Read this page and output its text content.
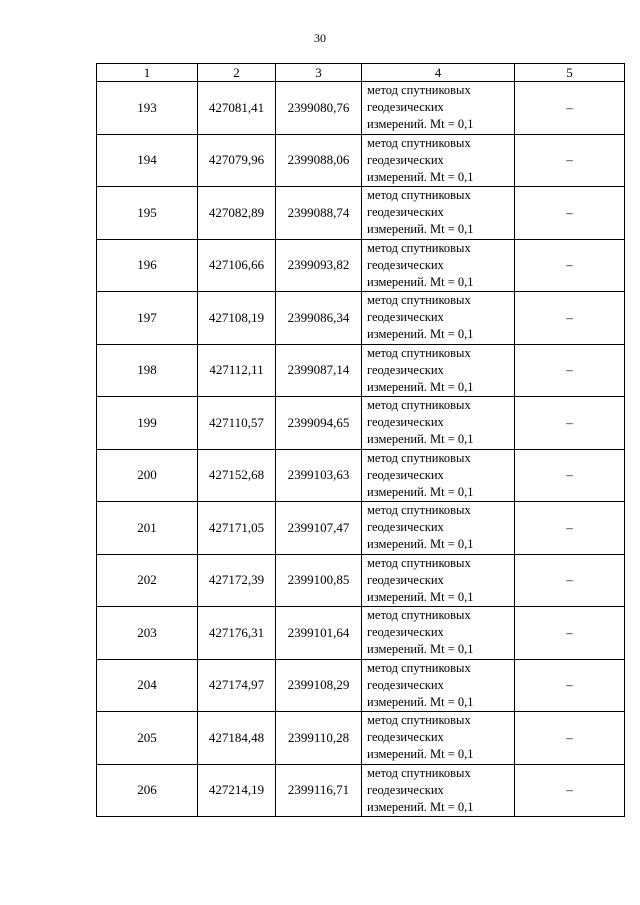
30
1	2	3	4	5
193	427081,41	2399080,76	метод спутниковых
геодезических
измерений. Mt = 0,1	–
194	427079,96	2399088,06	метод спутниковых
геодезических
измерений. Mt = 0,1	–
195	427082,89	2399088,74	метод спутниковых
геодезических
измерений. Mt = 0,1	–
196	427106,66	2399093,82	метод спутниковых
геодезических
измерений. Mt = 0,1	–
197	427108,19	2399086,34	метод спутниковых
геодезических
измерений. Mt = 0,1	–
198	427112,11	2399087,14	метод спутниковых
геодезических
измерений. Mt = 0,1	–
199	427110,57	2399094,65	метод спутниковых
геодезических
измерений. Mt = 0,1	–
200	427152,68	2399103,63	метод спутниковых
геодезических
измерений. Mt = 0,1	–
201	427171,05	2399107,47	метод спутниковых
геодезических
измерений. Mt = 0,1	–
202	427172,39	2399100,85	метод спутниковых
геодезических
измерений. Mt = 0,1	–
203	427176,31	2399101,64	метод спутниковых
геодезических
измерений. Mt = 0,1	–
204	427174,97	2399108,29	метод спутниковых
геодезических
измерений. Mt = 0,1	–
205	427184,48	2399110,28	метод спутниковых
геодезических
измерений. Mt = 0,1	–
206	427214,19	2399116,71	метод спутниковых
геодезических
измерений. Mt = 0,1	–
